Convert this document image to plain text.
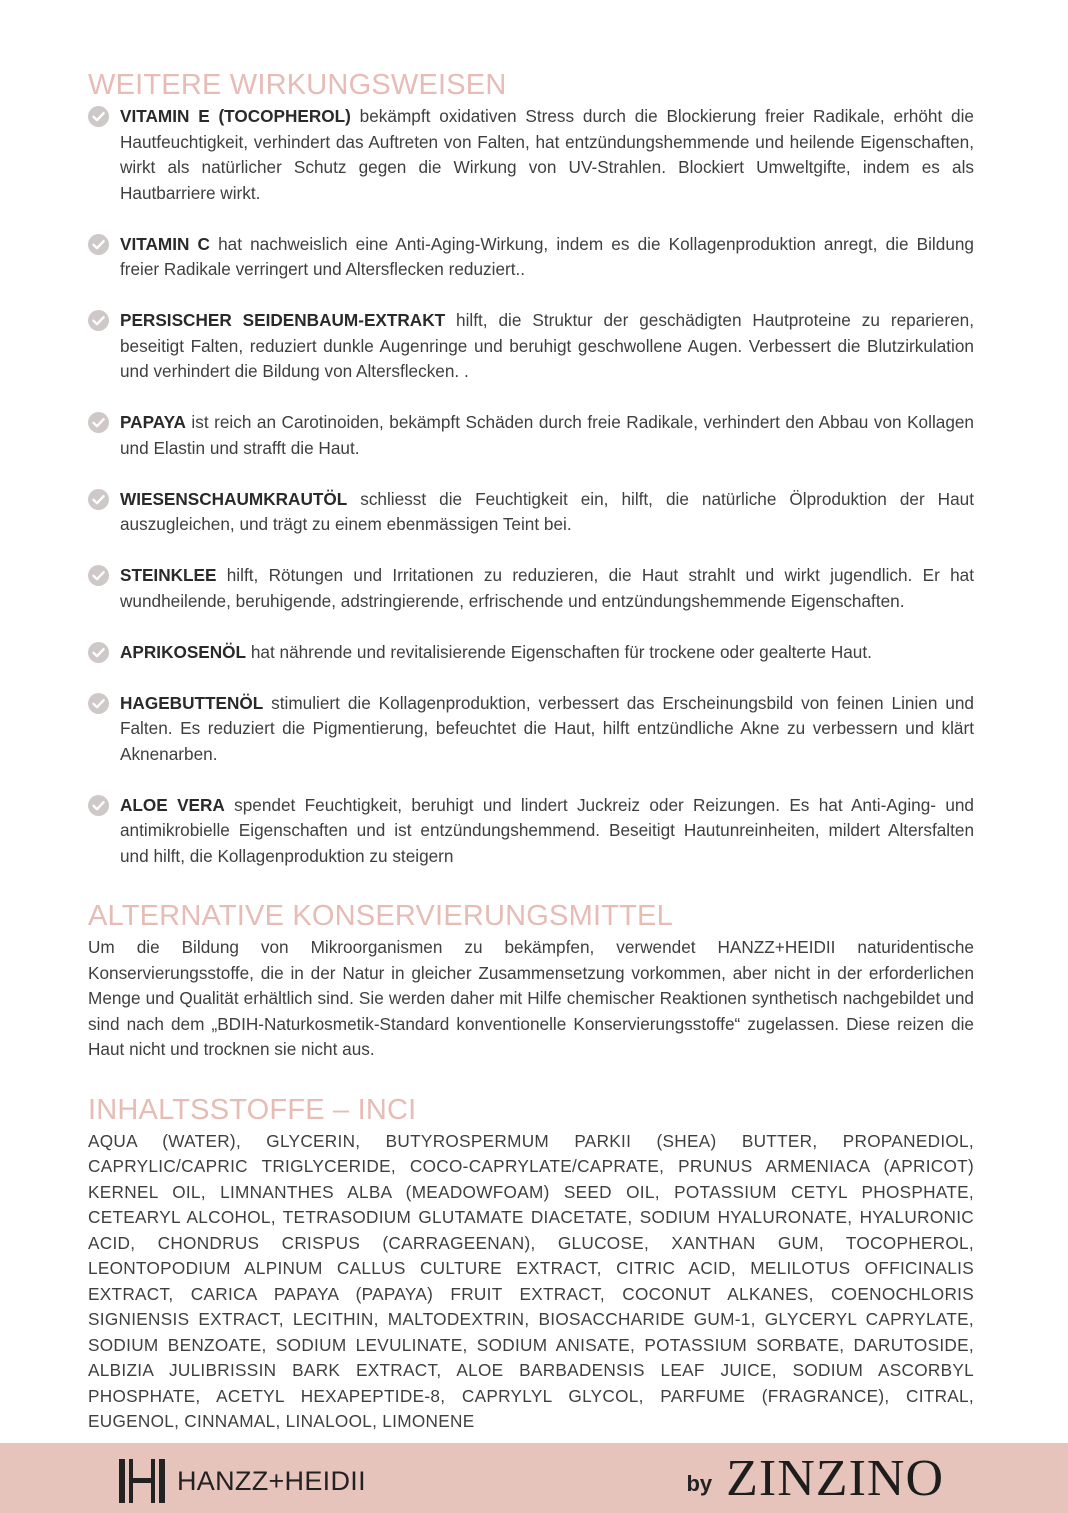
WEITERE WIRKUNGSWEISEN
VITAMIN E (TOCOPHEROL) bekämpft oxidativen Stress durch die Blockierung freier Radikale, erhöht die Hautfeuchtigkeit, verhindert das Auftreten von Falten, hat entzündungshemmende und heilende Eigenschaften, wirkt als natürlicher Schutz gegen die Wirkung von UV-Strahlen. Blockiert Umweltgifte, indem es als Hautbarriere wirkt.
VITAMIN C hat nachweislich eine Anti-Aging-Wirkung, indem es die Kollagenproduktion anregt, die Bildung freier Radikale verringert und Altersflecken reduziert..
PERSISCHER SEIDENBAUM-EXTRAKT hilft, die Struktur der geschädigten Hautproteine zu reparieren, beseitigt Falten, reduziert dunkle Augenringe und beruhigt geschwollene Augen. Verbessert die Blutzirkulation und verhindert die Bildung von Altersflecken. .
PAPAYA ist reich an Carotinoiden, bekämpft Schäden durch freie Radikale, verhindert den Abbau von Kollagen und Elastin und strafft die Haut.
WIESENSCHAUMKRAUTÖL schliesst die Feuchtigkeit ein, hilft, die natürliche Ölproduktion der Haut auszugleichen, und trägt zu einem ebenmässigen Teint bei.
STEINKLEE hilft, Rötungen und Irritationen zu reduzieren, die Haut strahlt und wirkt jugendlich. Er hat wundheilende, beruhigende, adstringierende, erfrischende und entzündungshemmende Eigenschaften.
APRIKOSENÖL hat nährende und revitalisierende Eigenschaften für trockene oder gealterte Haut.
HAGEBUTTENÖL stimuliert die Kollagenproduktion, verbessert das Erscheinungsbild von feinen Linien und Falten. Es reduziert die Pigmentierung, befeuchtet die Haut, hilft entzündliche Akne zu verbessern und klärt Aknenarben.
ALOE VERA spendet Feuchtigkeit, beruhigt und lindert Juckreiz oder Reizungen. Es hat Anti-Aging- und antimikrobielle Eigenschaften und ist entzündungshemmend. Beseitigt Hautunreinheiten, mildert Altersfalten und hilft, die Kollagenproduktion zu steigern
ALTERNATIVE KONSERVIERUNGSMITTEL

Um die Bildung von Mikroorganismen zu bekämpfen, verwendet HANZZ+HEIDII naturidentische Konservierungsstoffe, die in der Natur in gleicher Zusammensetzung vorkommen, aber nicht in der erforderlichen Menge und Qualität erhältlich sind. Sie werden daher mit Hilfe chemischer Reaktionen synthetisch nachgebildet und sind nach dem „BDIH-Naturkosmetik-Standard konventionelle Konservierungsstoffe“ zugelassen. Diese reizen die Haut nicht und trocknen sie nicht aus.

INHALTSSTOFFE – INCI

AQUA (WATER), GLYCERIN, BUTYROSPERMUM PARKII (SHEA) BUTTER, PROPANEDIOL, CAPRYLIC/CAPRIC TRIGLYCERIDE, COCO-CAPRYLATE/CAPRATE, PRUNUS ARMENIACA (APRICOT) KERNEL OIL, LIMNANTHES ALBA (MEADOWFOAM) SEED OIL, POTASSIUM CETYL PHOSPHATE, CETEARYL ALCOHOL, TETRASODIUM GLUTAMATE DIACETATE, SODIUM HYALURONATE, HYALURONIC ACID, CHONDRUS CRISPUS (CARRAGEENAN), GLUCOSE, XANTHAN GUM, TOCOPHEROL, LEONTOPODIUM ALPINUM CALLUS CULTURE EXTRACT, CITRIC ACID, MELILOTUS OFFICINALIS EXTRACT, CARICA PAPAYA (PAPAYA) FRUIT EXTRACT, COCONUT ALKANES, COENOCHLORIS SIGNIENSIS EXTRACT, LECITHIN, MALTODEXTRIN, BIOSACCHARIDE GUM-1, GLYCERYL CAPRYLATE, SODIUM BENZOATE, SODIUM LEVULINATE, SODIUM ANISATE, POTASSIUM SORBATE, DARUTOSIDE, ALBIZIA JULIBRISSIN BARK EXTRACT, ALOE BARBADENSIS LEAF JUICE, SODIUM ASCORBYL PHOSPHATE, ACETYL HEXAPEPTIDE-8, CAPRYLYL GLYCOL, PARFUME (FRAGRANCE), CITRAL, EUGENOL, CINNAMAL, LINALOOL, LIMONENE

HANZZ+HEIDII	by ZINZINO
